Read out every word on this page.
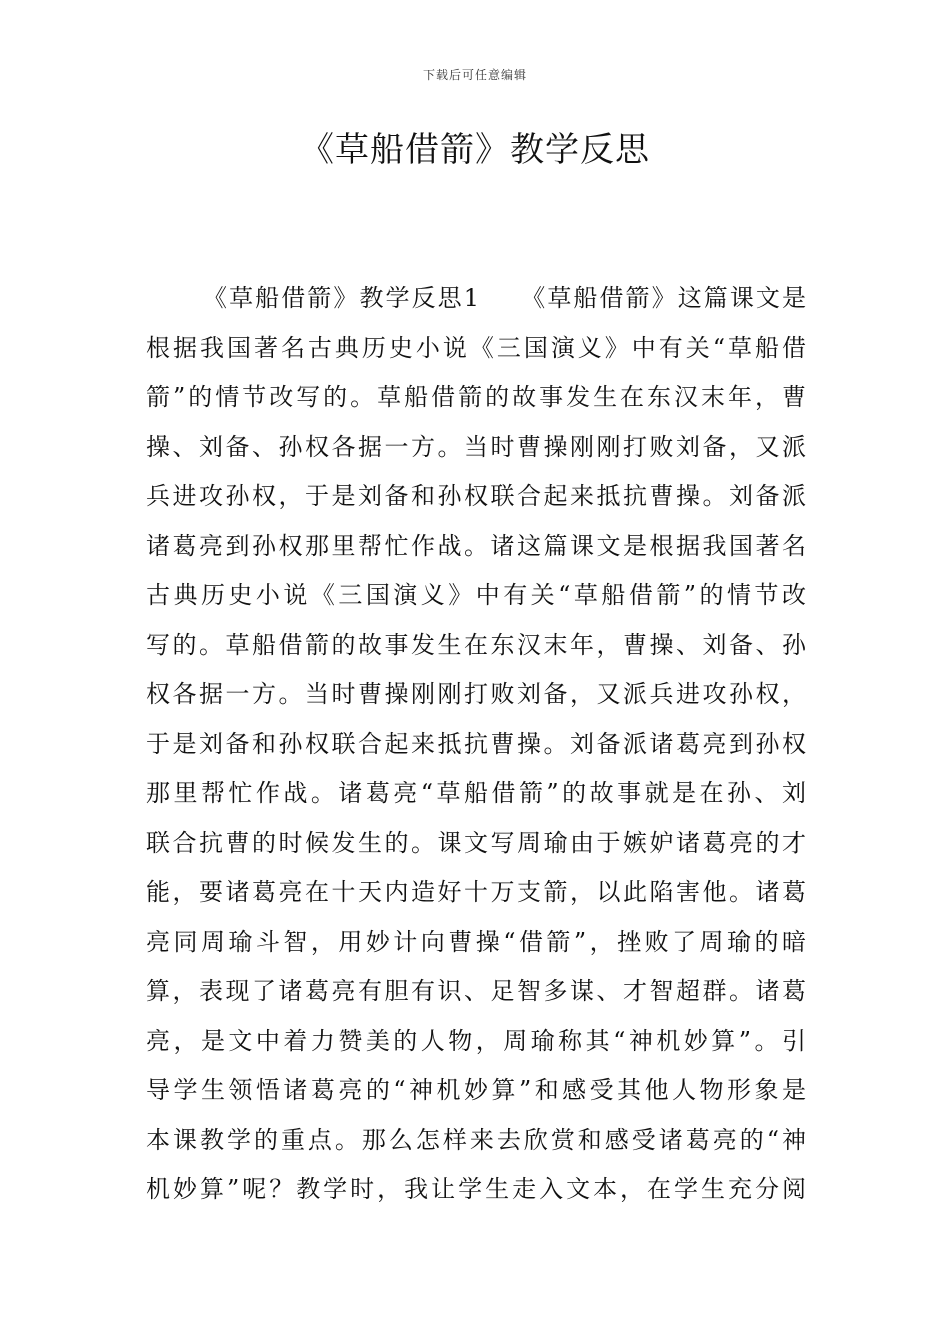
下载后可任意编辑
《草船借箭》教学反思
《草船借箭》教学反思1　　《草船借箭》这篇课文是
根据我国著名古典历史小说《三国演义》中有关“草船借
箭”的情节改写的。草船借箭的故事发生在东汉末年，曹
操、刘备、孙权各据一方。当时曹操刚刚打败刘备，又派
兵进攻孙权，于是刘备和孙权联合起来抵抗曹操。刘备派
诸葛亮到孙权那里帮忙作战。诸这篇课文是根据我国著名
古典历史小说《三国演义》中有关“草船借箭”的情节改
写的。草船借箭的故事发生在东汉末年，曹操、刘备、孙
权各据一方。当时曹操刚刚打败刘备，又派兵进攻孙权，
于是刘备和孙权联合起来抵抗曹操。刘备派诸葛亮到孙权
那里帮忙作战。诸葛亮“草船借箭”的故事就是在孙、刘
联合抗曹的时候发生的。课文写周瑜由于嫉妒诸葛亮的才
能，要诸葛亮在十天内造好十万支箭，以此陷害他。诸葛
亮同周瑜斗智，用妙计向曹操“借箭”，挫败了周瑜的暗
算，表现了诸葛亮有胆有识、足智多谋、才智超群。诸葛
亮，是文中着力赞美的人物，周瑜称其“神机妙算”。引
导学生领悟诸葛亮的“神机妙算”和感受其他人物形象是
本课教学的重点。那么怎样来去欣赏和感受诸葛亮的“神
机妙算”呢？教学时，我让学生走入文本，在学生充分阅
